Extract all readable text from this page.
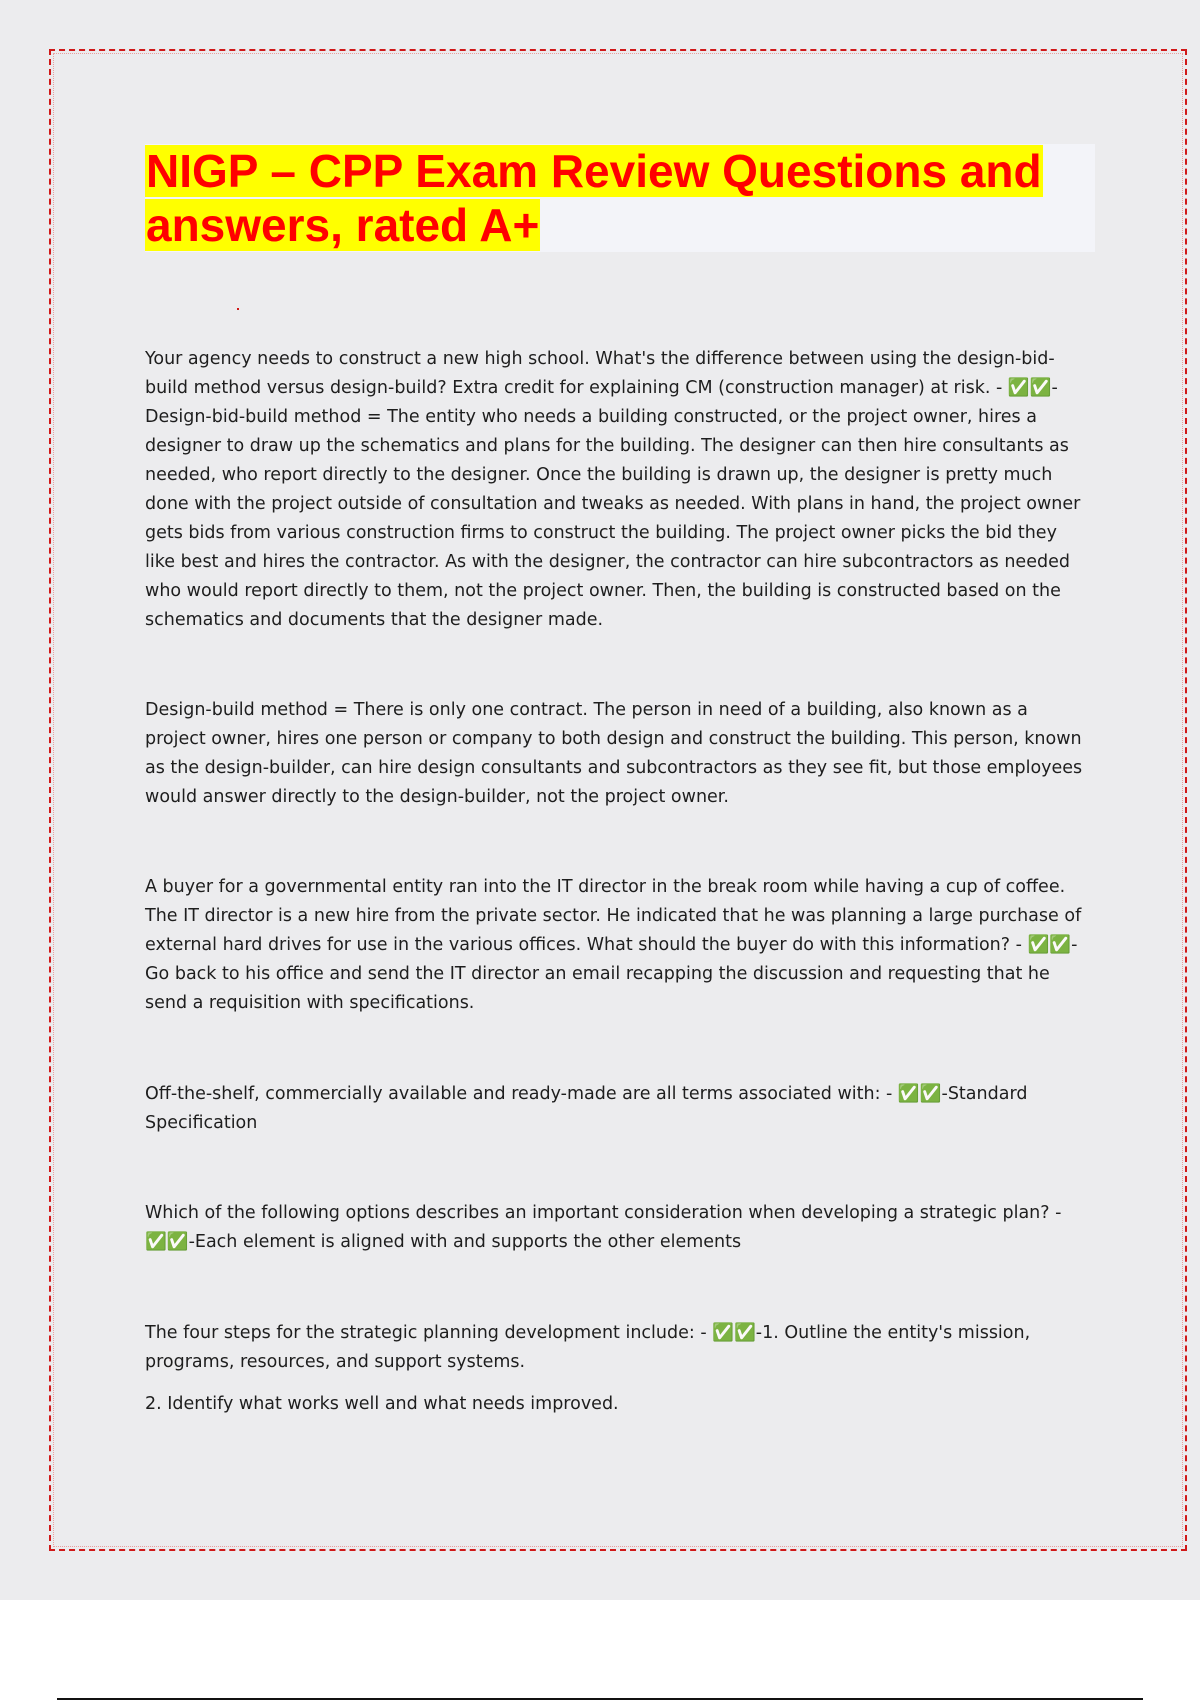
NIGP – CPP Exam Review Questions and
answers, rated A+

Your agency needs to construct a new high school. What's the difference between using the design-bid-build method versus design-build? Extra credit for explaining CM (construction manager) at risk. - ✅✅-Design-bid-build method = The entity who needs a building constructed, or the project owner, hires a designer to draw up the schematics and plans for the building. The designer can then hire consultants as needed, who report directly to the designer. Once the building is drawn up, the designer is pretty much done with the project outside of consultation and tweaks as needed. With plans in hand, the project owner gets bids from various construction firms to construct the building. The project owner picks the bid they like best and hires the contractor. As with the designer, the contractor can hire subcontractors as needed who would report directly to them, not the project owner. Then, the building is constructed based on the schematics and documents that the designer made.

Design-build method = There is only one contract. The person in need of a building, also known as a project owner, hires one person or company to both design and construct the building. This person, known as the design-builder, can hire design consultants and subcontractors as they see fit, but those employees would answer directly to the design-builder, not the project owner.

A buyer for a governmental entity ran into the IT director in the break room while having a cup of coffee. The IT director is a new hire from the private sector. He indicated that he was planning a large purchase of external hard drives for use in the various offices. What should the buyer do with this information? - ✅✅-Go back to his office and send the IT director an email recapping the discussion and requesting that he send a requisition with specifications.

Off-the-shelf, commercially available and ready-made are all terms associated with: - ✅✅-Standard Specification

Which of the following options describes an important consideration when developing a strategic plan? - ✅✅-Each element is aligned with and supports the other elements

The four steps for the strategic planning development include: - ✅✅-1. Outline the entity's mission, programs, resources, and support systems.

2. Identify what works well and what needs improved.
